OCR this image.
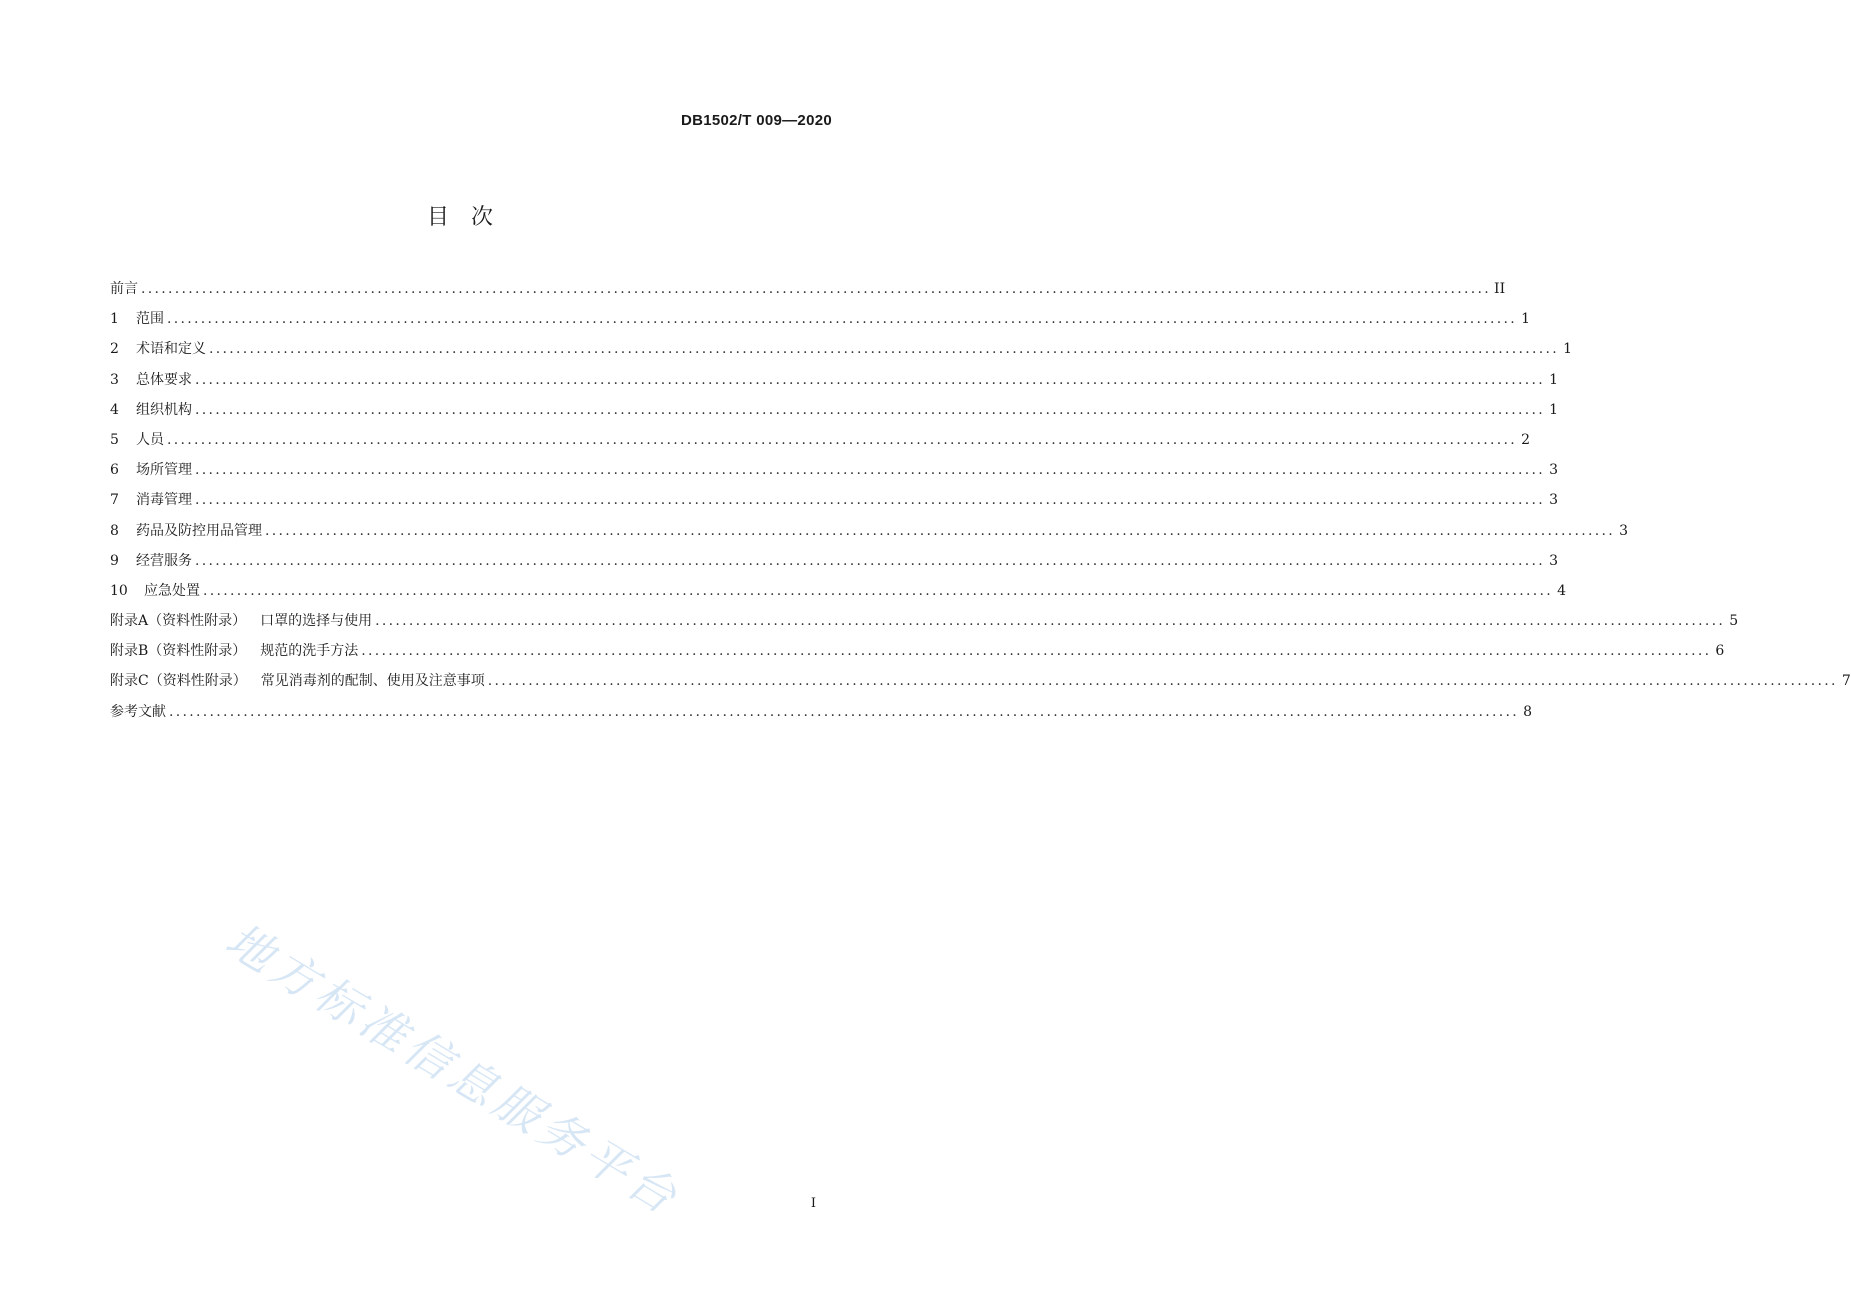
DB1502/T 009—2020
目　次
前言 ........................................................................................................................................................................................................ II
1 范围 ........................................................................................................................................................................................................ 1
2 术语和定义 ........................................................................................................................................................................................................ 1
3 总体要求 ........................................................................................................................................................................................................ 1
4 组织机构 ........................................................................................................................................................................................................ 1
5 人员 ........................................................................................................................................................................................................ 2
6 场所管理 ........................................................................................................................................................................................................ 3
7 消毒管理 ........................................................................................................................................................................................................ 3
8 药品及防控用品管理 ........................................................................................................................................................................................................ 3
9 经营服务 ........................................................................................................................................................................................................ 3
10 应急处置 ........................................................................................................................................................................................................ 4
附录A（资料性附录） 口罩的选择与使用 ........................................................................................................................................................................................................ 5
附录B（资料性附录） 规范的洗手方法 ........................................................................................................................................................................................................ 6
附录C（资料性附录） 常见消毒剂的配制、使用及注意事项 ........................................................................................................................................................................................................ 7
参考文献 ........................................................................................................................................................................................................ 8
地方标准信息服务平台	I
